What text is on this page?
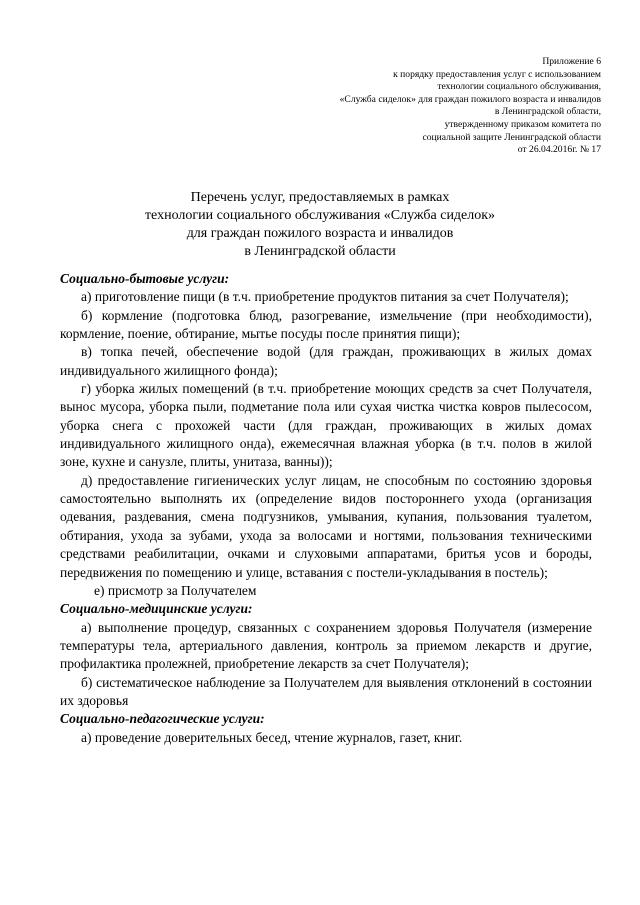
Приложение 6
к порядку предоставления услуг с использованием
технологии социального обслуживания,
«Служба сиделок» для граждан пожилого возраста и инвалидов
в Ленинградской области,
утвержденному приказом комитета по
социальной защите Ленинградской области
от 26.04.2016г. № 17
Перечень услуг, предоставляемых в рамках
технологии социального обслуживания «Служба сиделок»
для граждан пожилого возраста и инвалидов
в Ленинградской области
Социально-бытовые услуги:
а) приготовление пищи (в т.ч. приобретение продуктов питания за счет Получателя);
б) кормление (подготовка блюд, разогревание, измельчение (при необходимости), кормление, поение, обтирание, мытье посуды после принятия пищи);
в) топка печей, обеспечение водой (для граждан, проживающих в жилых домах индивидуального жилищного фонда);
г) уборка жилых помещений (в т.ч. приобретение моющих средств за счет Получателя, вынос мусора, уборка пыли, подметание пола или сухая чистка чистка ковров пылесосом, уборка снега с прохожей части (для граждан, проживающих в жилых домах индивидуального жилищного онда), ежемесячная влажная уборка (в т.ч. полов в жилой зоне, кухне и санузле, плиты, унитаза, ванны));
д) предоставление гигиенических услуг лицам, не способным по состоянию здоровья самостоятельно выполнять их (определение видов постороннего ухода (организация одевания, раздевания, смена подгузников, умывания, купания, пользования туалетом, обтирания, ухода за зубами, ухода за волосами и ногтями, пользования техническими средствами реабилитации, очками и слуховыми аппаратами, бритья усов и бороды, передвижения по помещению и улице, вставания с постели-укладывания в постель);
е) присмотр за Получателем
Социально-медицинские услуги:
а) выполнение процедур, связанных с сохранением здоровья Получателя (измерение температуры тела, артериального давления, контроль за приемом лекарств и другие, профилактика пролежней, приобретение лекарств за счет Получателя);
б) систематическое наблюдение за Получателем для выявления отклонений в состоянии их здоровья
Социально-педагогические услуги:
а) проведение доверительных бесед, чтение журналов, газет, книг.
